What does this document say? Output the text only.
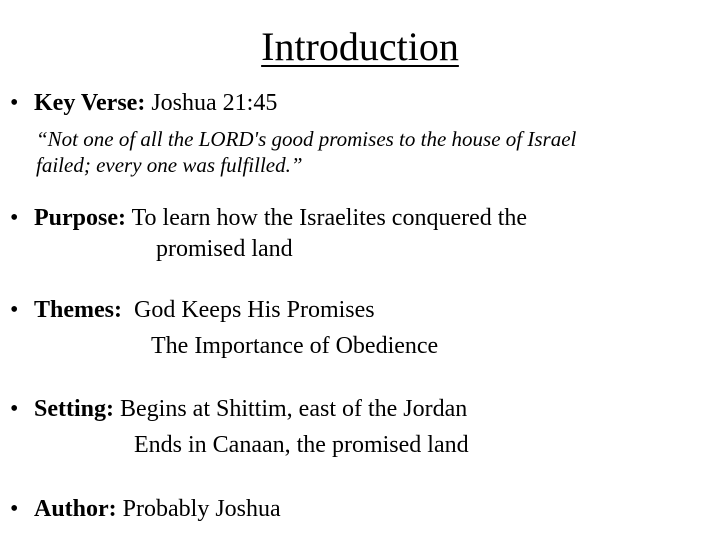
Introduction
• Key Verse: Joshua 21:45
“Not one of all the LORD's good promises to the house of Israel
failed; every one was fulfilled.”
• Purpose: To learn how the Israelites conquered the
promised land
• Themes:  God Keeps His Promises
The Importance of Obedience
• Setting: Begins at Shittim, east of the Jordan
Ends in Canaan, the promised land
• Author: Probably Joshua
